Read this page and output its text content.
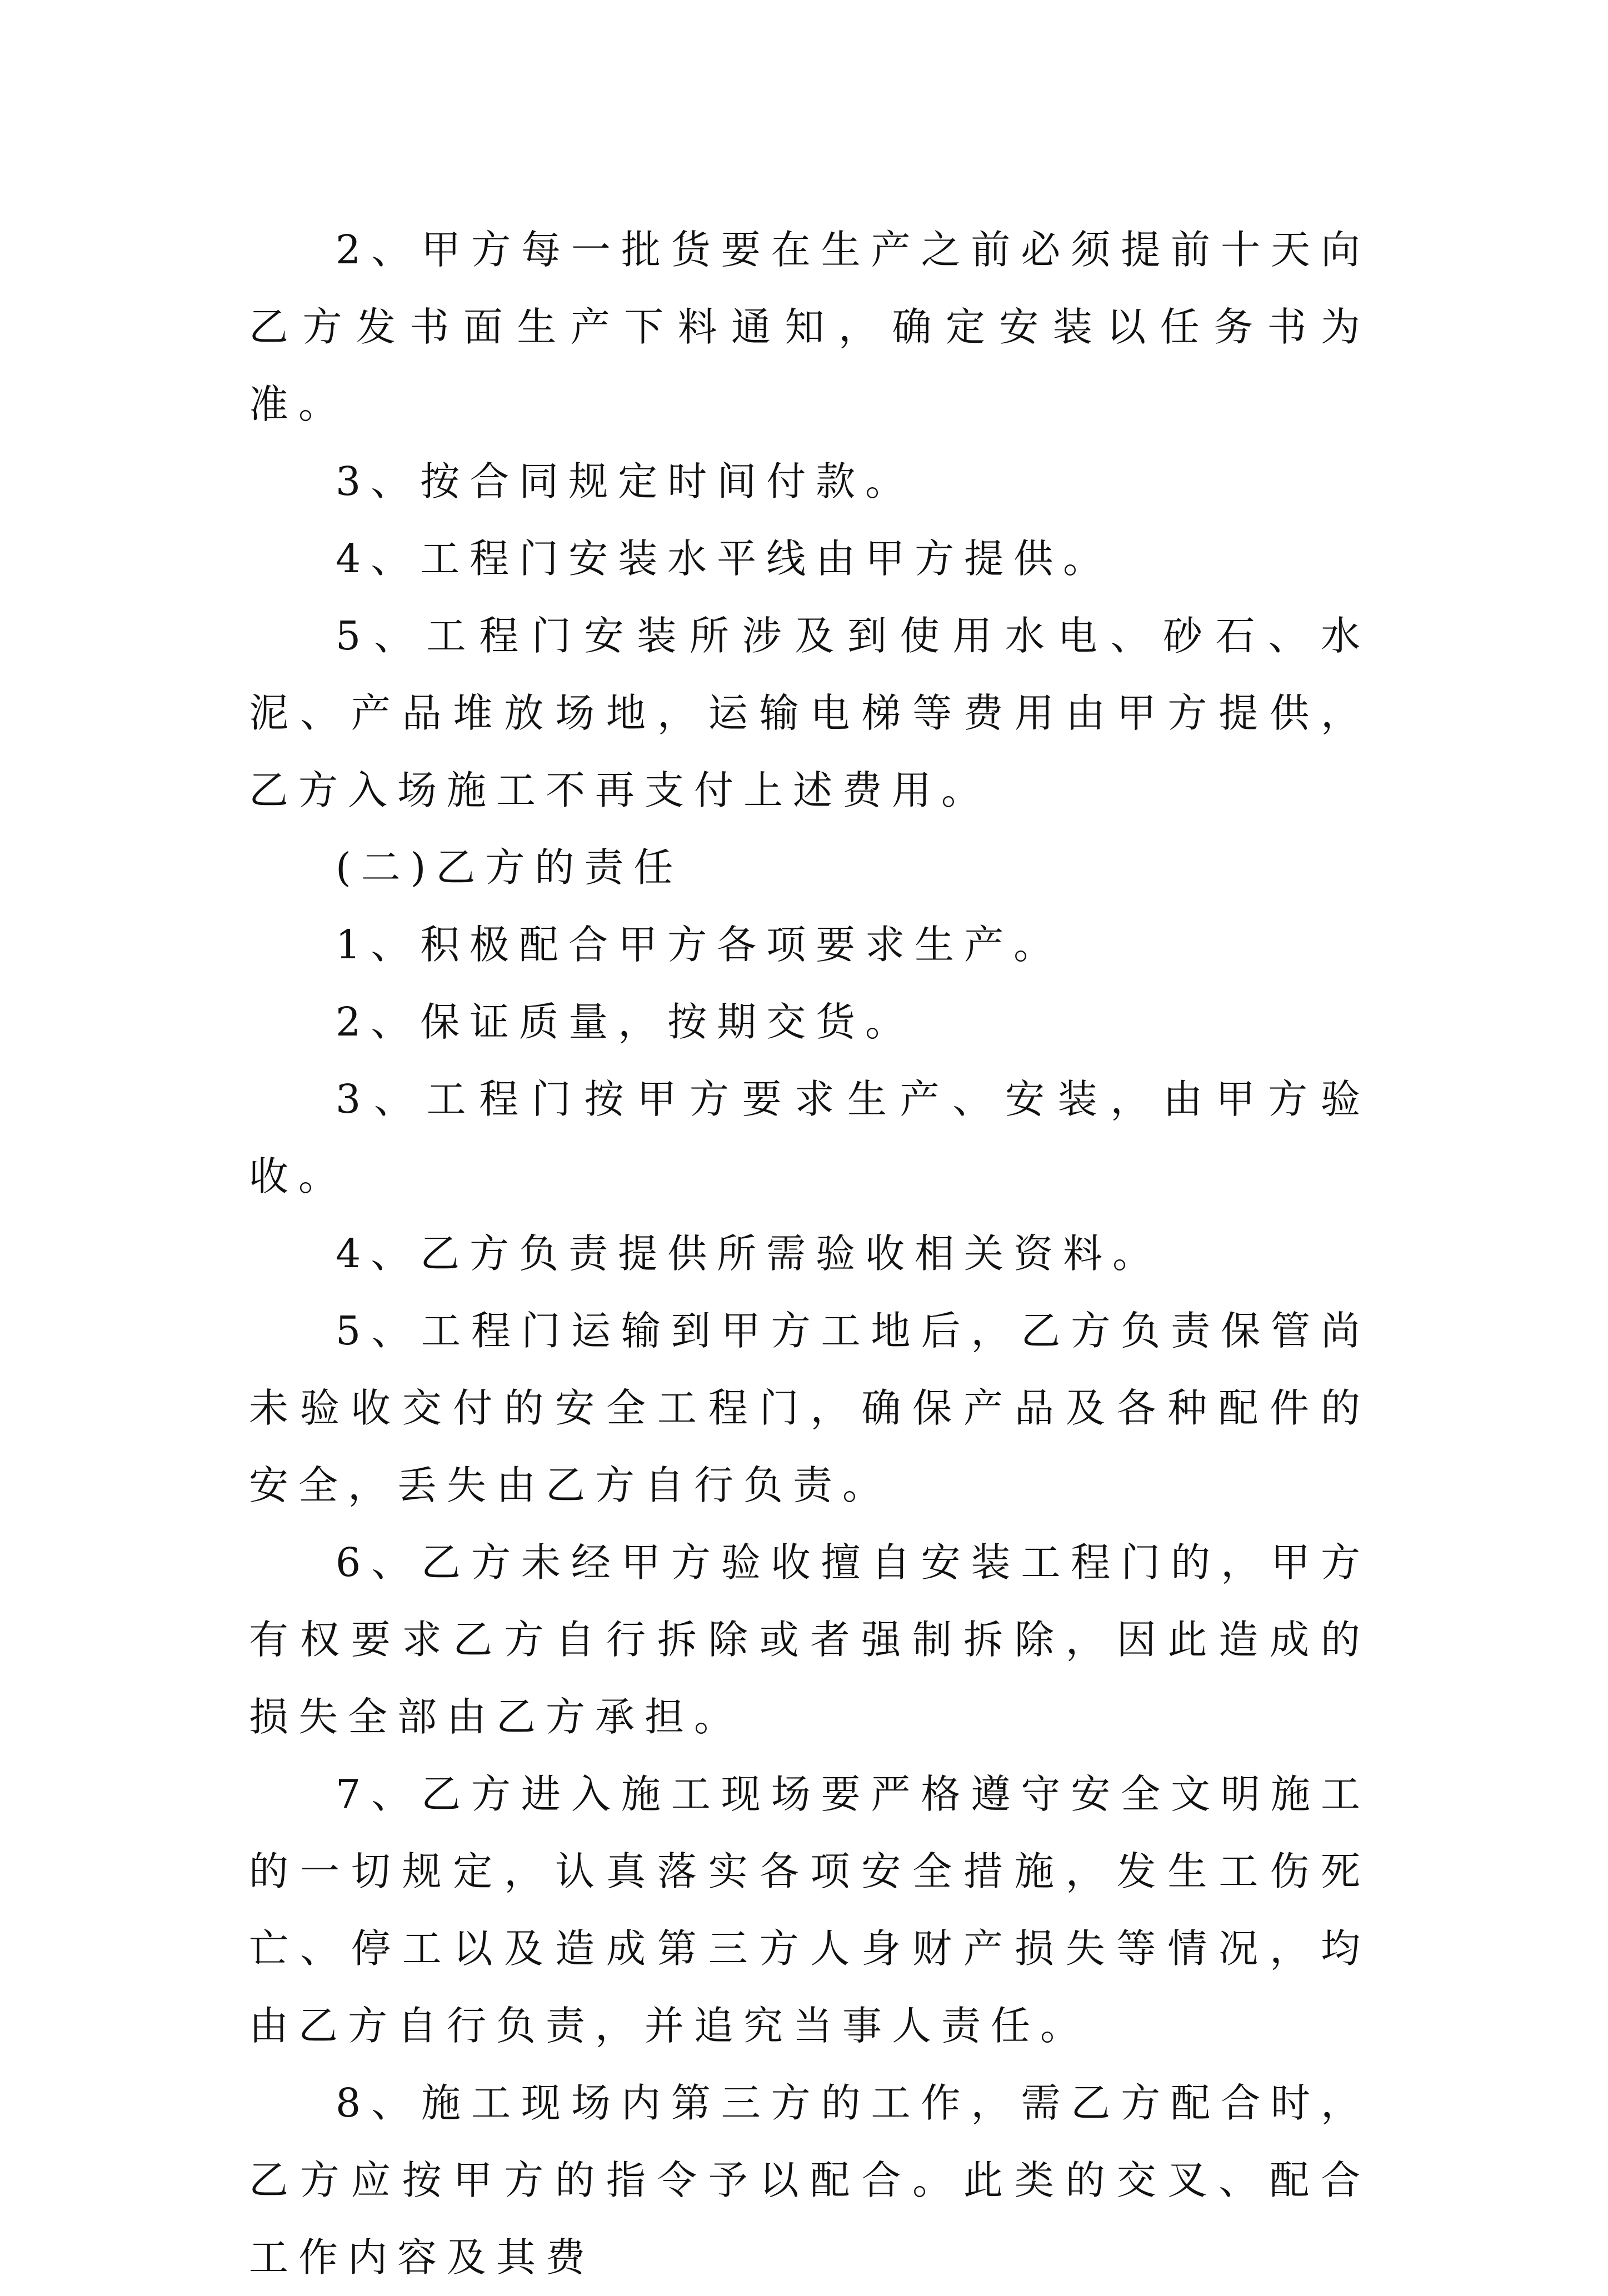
2、甲方每一批货要在生产之前必须提前十天向乙方发书面生产下料通知，确定安装以任务书为准。

3、按合同规定时间付款。

4、工程门安装水平线由甲方提供。

5、工程门安装所涉及到使用水电、砂石、水泥、产品堆放场地，运输电梯等费用由甲方提供，乙方入场施工不再支付上述费用。

(二)乙方的责任

1、积极配合甲方各项要求生产。

2、保证质量，按期交货。

3、工程门按甲方要求生产、安装，由甲方验收。

4、乙方负责提供所需验收相关资料。

5、工程门运输到甲方工地后，乙方负责保管尚未验收交付的安全工程门，确保产品及各种配件的安全，丢失由乙方自行负责。

6、乙方未经甲方验收擅自安装工程门的，甲方有权要求乙方自行拆除或者强制拆除，因此造成的损失全部由乙方承担。

7、乙方进入施工现场要严格遵守安全文明施工的一切规定，认真落实各项安全措施，发生工伤死亡、停工以及造成第三方人身财产损失等情况，均由乙方自行负责，并追究当事人责任。

8、施工现场内第三方的工作，需乙方配合时，乙方应按甲方的指令予以配合。此类的交叉、配合工作内容及其费
